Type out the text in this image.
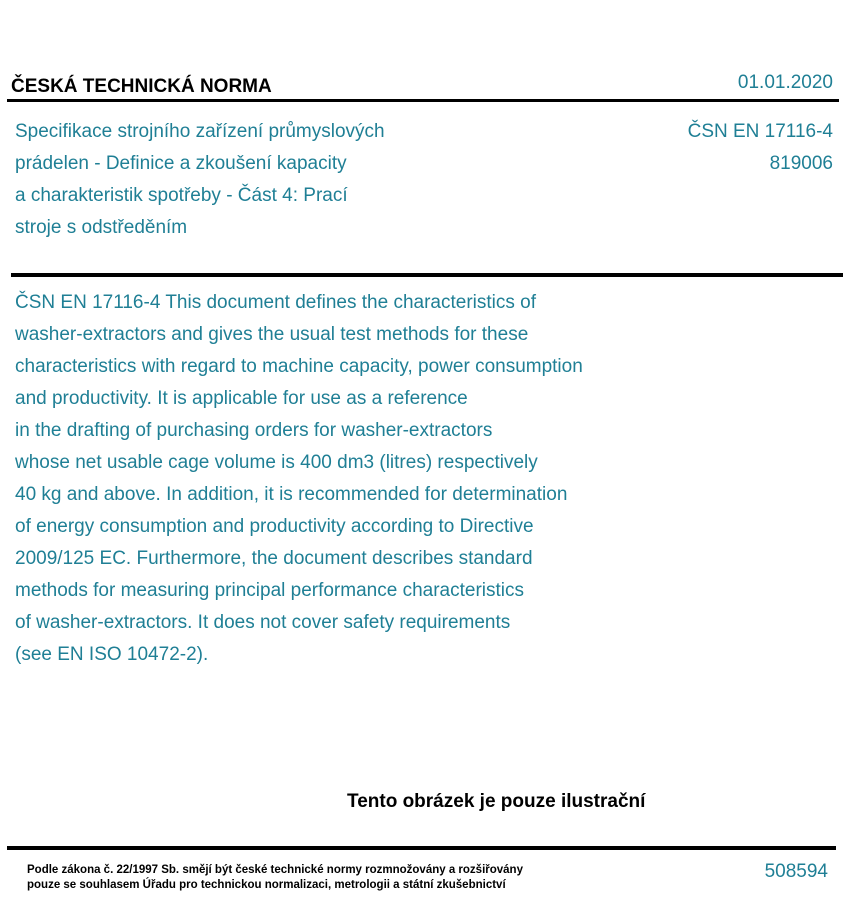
ČESKÁ TECHNICKÁ NORMA	01.01.2020
Specifikace strojního zařízení průmyslových
prádelen - Definice a zkoušení kapacity
a charakteristik spotřeby - Část 4: Prací
stroje s odstředěním
ČSN EN 17116-4
819006
ČSN EN 17116-4 This document defines the characteristics of
washer-extractors and gives the usual test methods for these
characteristics with regard to machine capacity, power consumption
and productivity. It is applicable for use as a reference
in the drafting of purchasing orders for washer-extractors
whose net usable cage volume is 400 dm3 (litres) respectively
40 kg and above. In addition, it is recommended for determination
of energy consumption and productivity according to Directive
2009/125 EC. Furthermore, the document describes standard
methods for measuring principal performance characteristics
of washer-extractors. It does not cover safety requirements
(see EN ISO 10472-2).
Tento obrázek je pouze ilustrační
Podle zákona č. 22/1997 Sb. smějí být české technické normy rozmnožovány a rozšiřovány
pouze se souhlasem Úřadu pro technickou normalizaci, metrologii a státní zkušebnictví
508594
